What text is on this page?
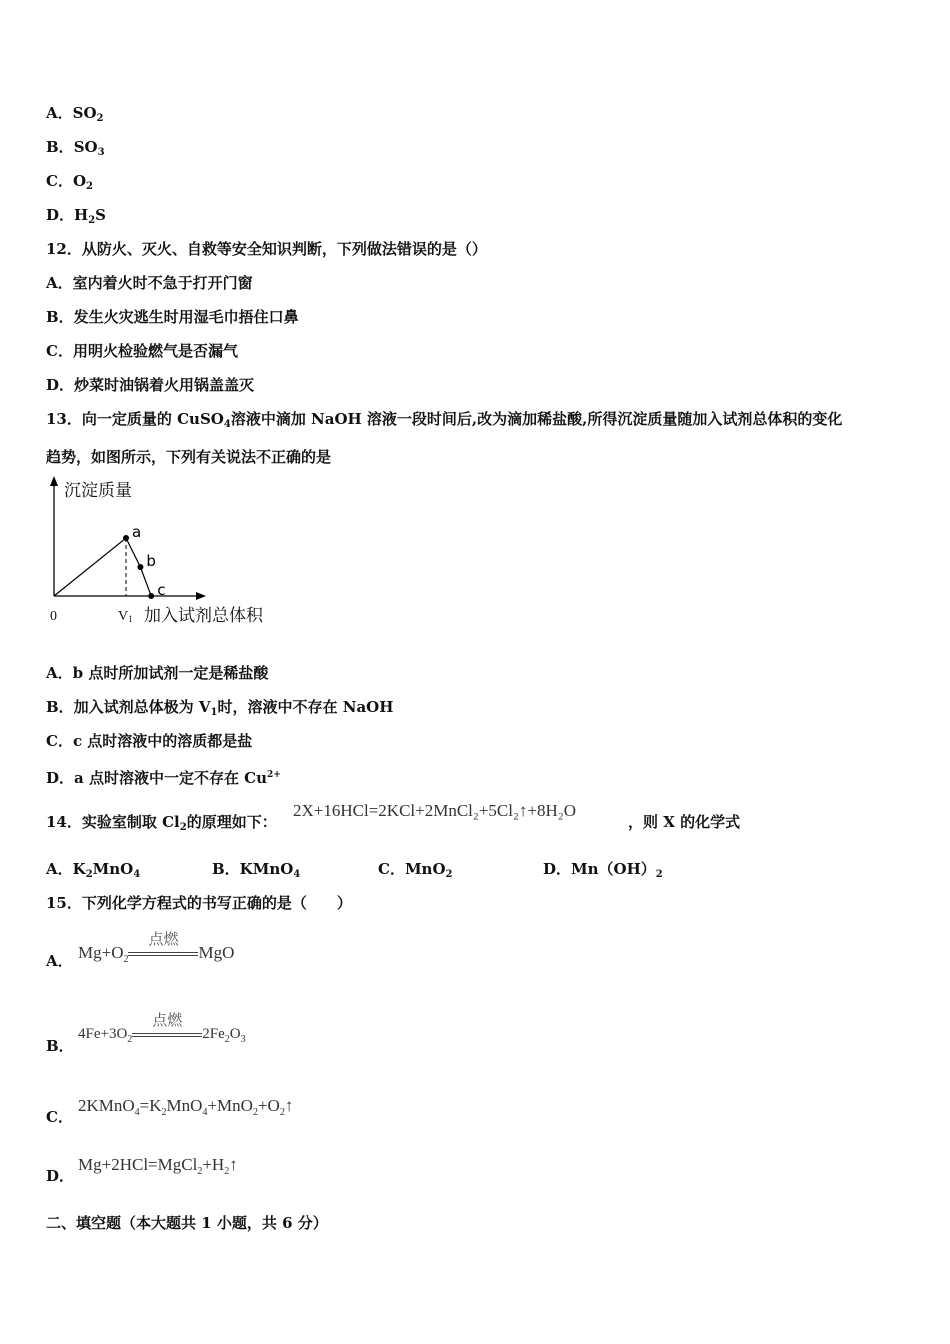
A．$SO_2$
B．$SO_3$
C．$O_2$
D．$H_2S$
12．从防火、灭火、自救等安全知识判断，下列做法错误的是（）
A．室内着火时不急于打开门窗
B．发生火灾逃生时用湿毛巾捂住口鼻
C．用明火检验燃气是否漏气
D．炒菜时油锅着火用锅盖盖灭
13．向一定质量的 CuSO$_4$溶液中滴加 NaOH 溶液一段时间后,改为滴加稀盐酸,所得沉淀质量随加入试剂总体积的变化
趋势，如图所示，下列有关说法不正确的是
沉淀质量
加入试剂总体积
0	V1
a
b
c
A．b 点时所加试剂一定是稀盐酸
B．加入试剂总体极为 $V_1$时，溶液中不存在 NaOH
C．c 点时溶液中的溶质都是盐
D．a 点时溶液中一定不存在 $Cu^{2+}$
14．实验室制取 $Cl_2$的原理如下：
2X+16HCl=2KCl+2MnCl₂+5Cl₂↑+8H₂O
，则 X 的化学式
A．$K_2MnO_4$	B．KMnO$_4$	C．MnO$_2$	D．$Mn(OH)_2$
15．下列化学方程式的书写正确的是（　　）
A． $Mg+O_2$
点燃
MgO
B．
$4Fe+3O_2$
点燃
$2Fe_2O_3$
C．
$2KMnO_4=K_2MnO_4+MnO_2+O_2↑$
D．
$Mg+2HCl=MgCl_2+H_2↑$
二、填空题（本大题共 1 小题，共 6 分）
